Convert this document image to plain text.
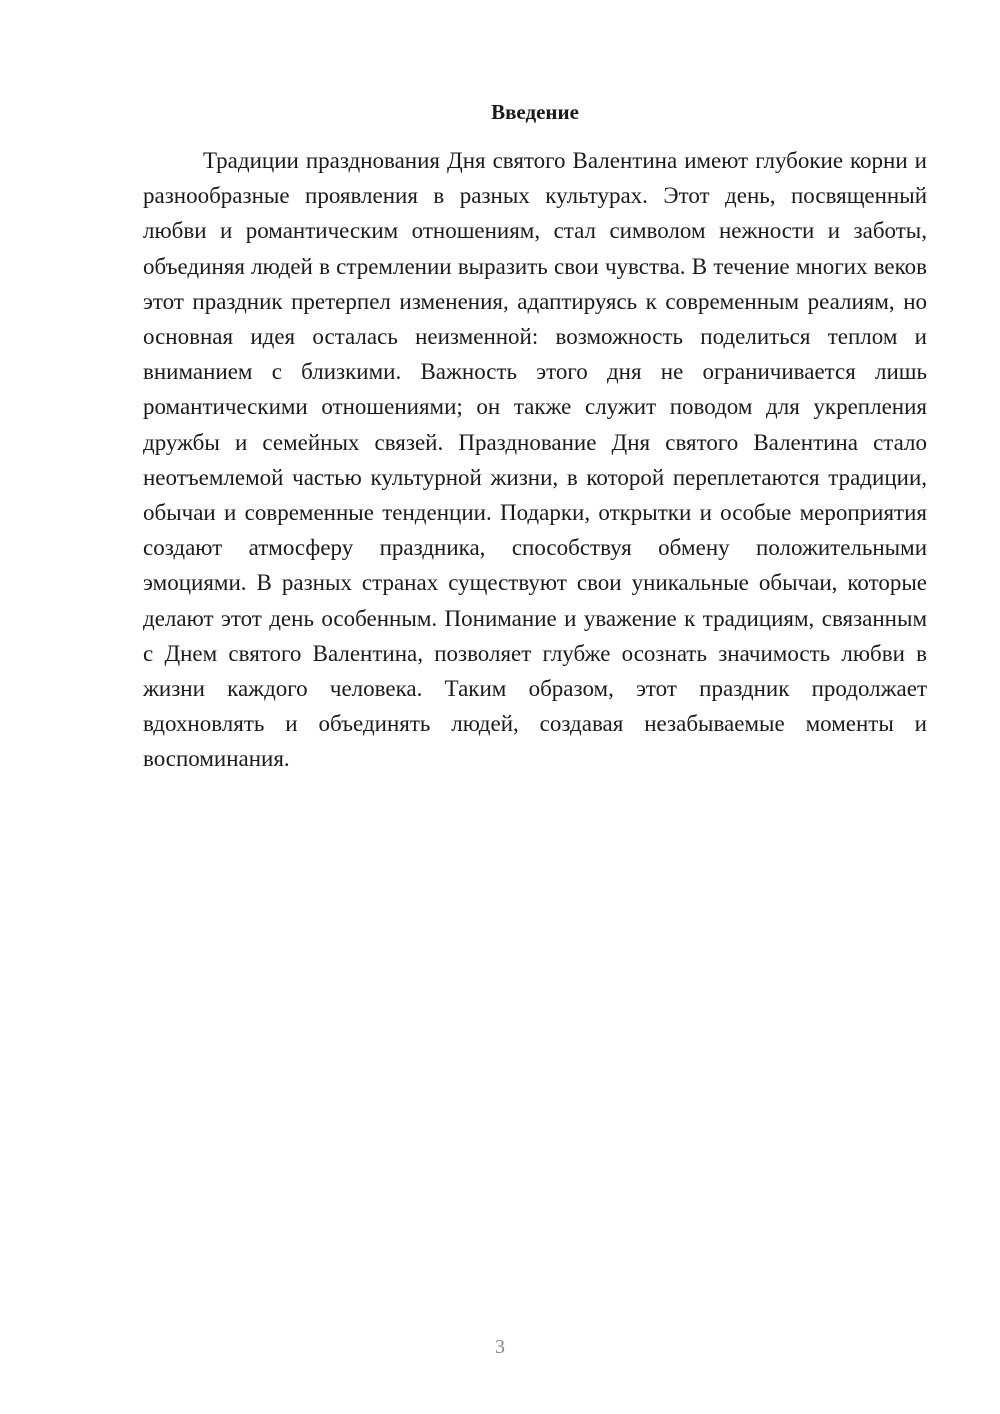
Введение

Традиции празднования Дня святого Валентина имеют глубокие корни и разнообразные проявления в разных культурах. Этот день, посвященный любви и романтическим отношениям, стал символом нежности и заботы, объединяя людей в стремлении выразить свои чувства. В течение многих веков этот праздник претерпел изменения, адаптируясь к современным реалиям, но основная идея осталась неизменной: возможность поделиться теплом и вниманием с близкими. Важность этого дня не ограничивается лишь романтическими отношениями; он также служит поводом для укрепления дружбы и семейных связей. Празднование Дня святого Валентина стало неотъемлемой частью культурной жизни, в которой переплетаются традиции, обычаи и современные тенденции. Подарки, открытки и особые мероприятия создают атмосферу праздника, способствуя обмену положительными эмоциями. В разных странах существуют свои уникальные обычаи, которые делают этот день особенным. Понимание и уважение к традициям, связанным с Днем святого Валентина, позволяет глубже осознать значимость любви в жизни каждого человека. Таким образом, этот праздник продолжает вдохновлять и объединять людей, создавая незабываемые моменты и воспоминания.

3
